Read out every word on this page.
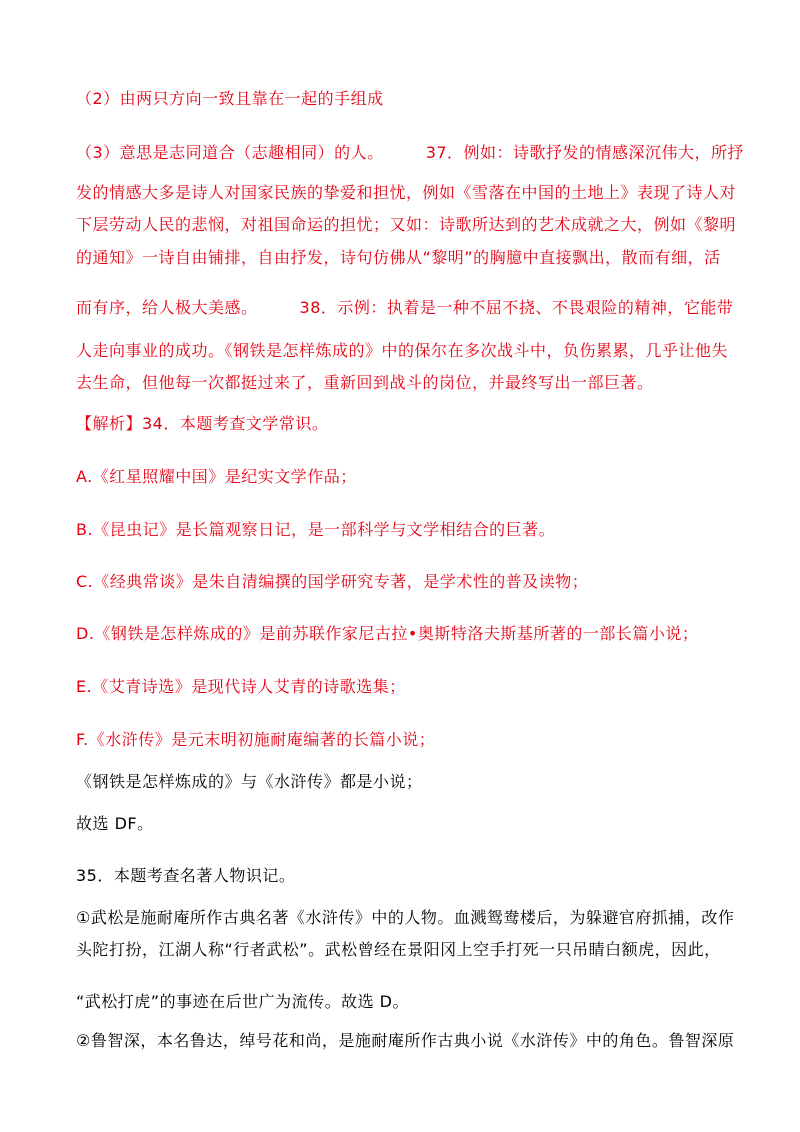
（2）由两只方向一致且靠在一起的手组成
（3）意思是志同道合（志趣相同）的人。	37．例如：诗歌抒发的情感深沉伟大，所抒
发的情感大多是诗人对国家民族的挚爱和担忧，例如《雪落在中国的土地上》表现了诗人对
下层劳动人民的悲悯，对祖国命运的担忧；又如：诗歌所达到的艺术成就之大，例如《黎明
的通知》一诗自由铺排，自由抒发，诗句仿佛从“黎明”的胸臆中直接飘出，散而有细，活
而有序，给人极大美感。	38．示例：执着是一种不屈不挠、不畏艰险的精神，它能带
人走向事业的成功。《钢铁是怎样炼成的》中的保尔在多次战斗中，负伤累累，几乎让他失
去生命，但他每一次都挺过来了，重新回到战斗的岗位，并最终写出一部巨著。
【解析】34．本题考查文学常识。
A.《红星照耀中国》是纪实文学作品；
B.《昆虫记》是长篇观察日记，是一部科学与文学相结合的巨著。
C.《经典常谈》是朱自清编撰的国学研究专著，是学术性的普及读物；
D.《钢铁是怎样炼成的》是前苏联作家尼古拉•奥斯特洛夫斯基所著的一部长篇小说；
E.《艾青诗选》是现代诗人艾青的诗歌选集；
F.《水浒传》是元末明初施耐庵编著的长篇小说；
《钢铁是怎样炼成的》与《水浒传》都是小说；
故选 DF。
35．本题考查名著人物识记。
①武松是施耐庵所作古典名著《水浒传》中的人物。血溅鸳鸯楼后，为躲避官府抓捕，改作
头陀打扮，江湖人称“行者武松”。武松曾经在景阳冈上空手打死一只吊睛白额虎，因此，
“武松打虎”的事迹在后世广为流传。故选 D。
②鲁智深，本名鲁达，绰号花和尚，是施耐庵所作古典小说《水浒传》中的角色。鲁智深原
